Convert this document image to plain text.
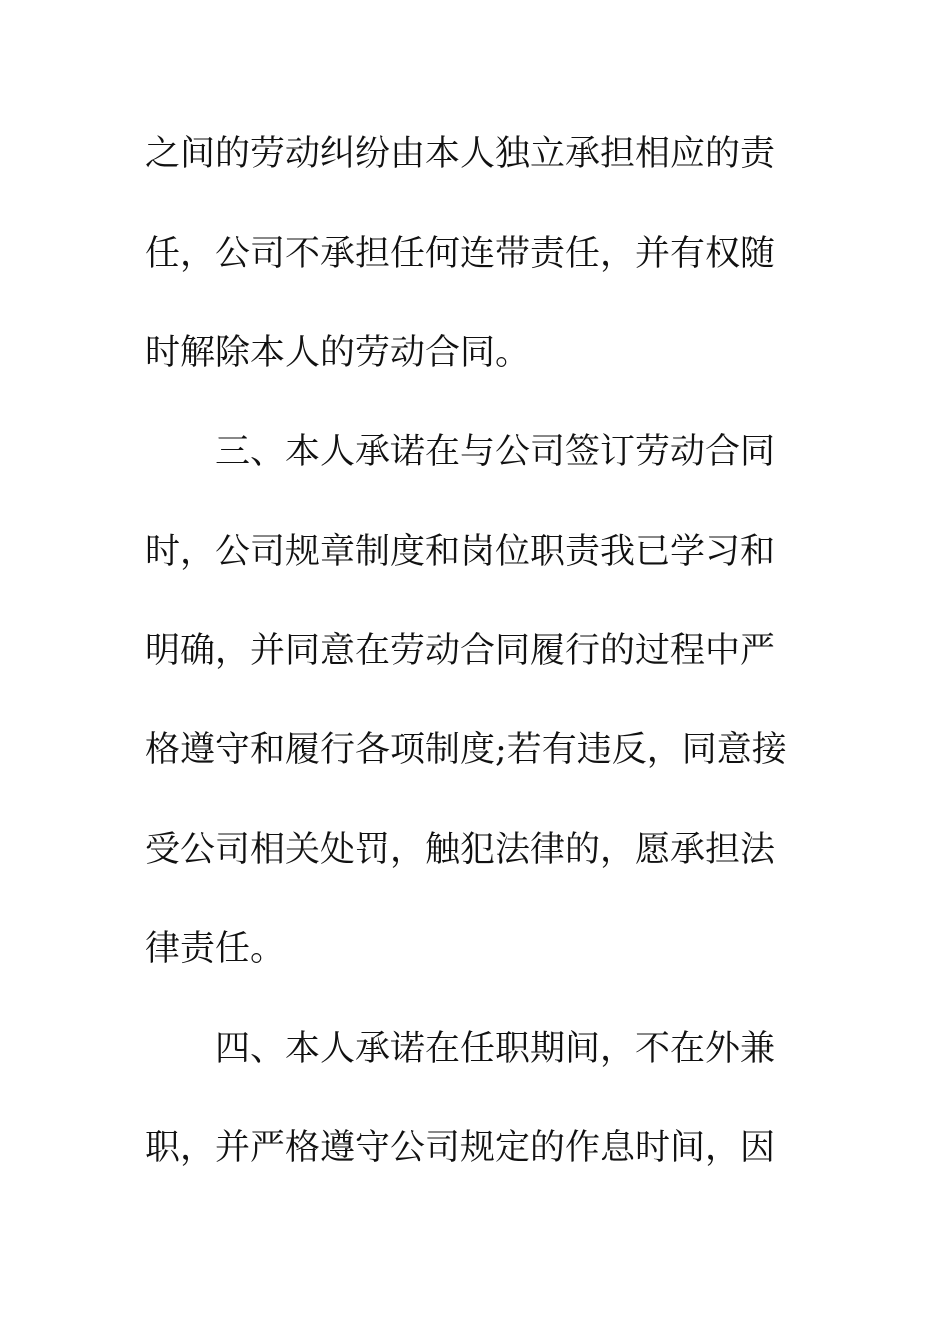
之间的劳动纠纷由本人独立承担相应的责

任，公司不承担任何连带责任，并有权随

时解除本人的劳动合同。

三、本人承诺在与公司签订劳动合同

时，公司规章制度和岗位职责我已学习和

明确，并同意在劳动合同履行的过程中严

格遵守和履行各项制度;若有违反，同意接

受公司相关处罚，触犯法律的，愿承担法

律责任。

四、本人承诺在任职期间，不在外兼

职，并严格遵守公司规定的作息时间，因
